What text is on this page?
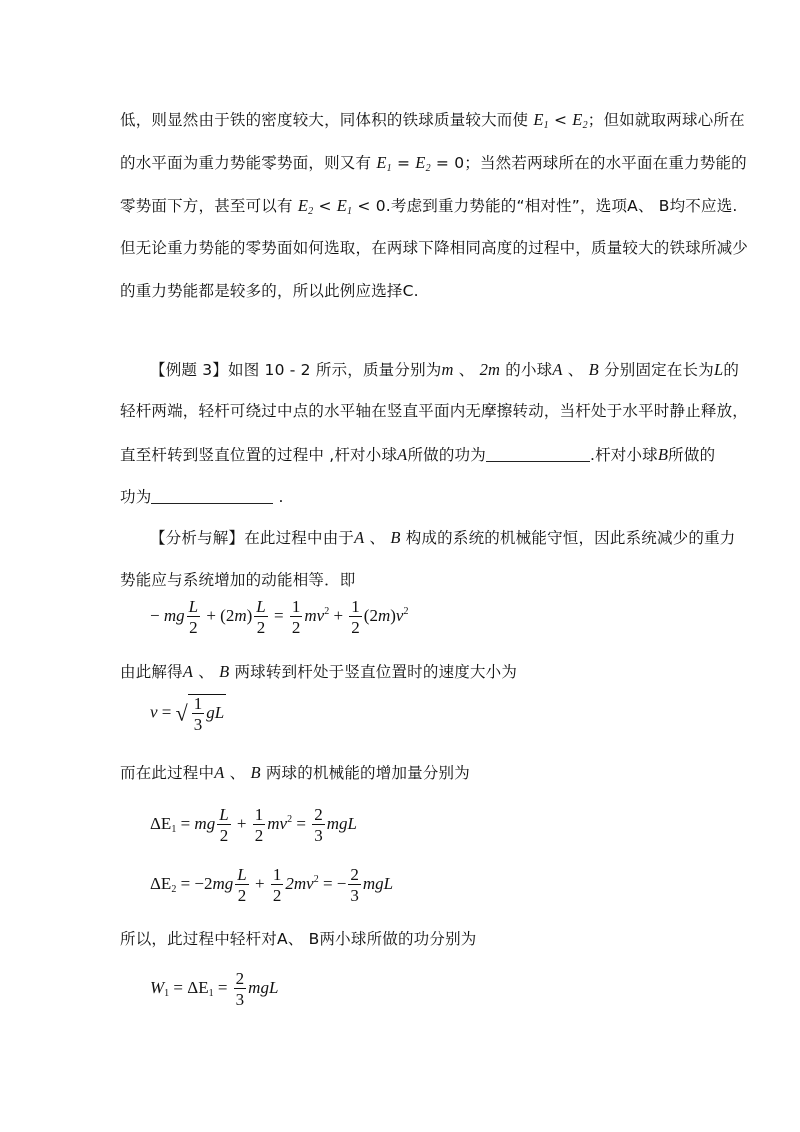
低，则显然由于铁的密度较大，同体积的铁球质量较大而使 $E_1 < E_2$；但如就取两球心所在
的水平面为重力势能零势面，则又有 $E_1 = E_2 = 0$；当然若两球所在的水平面在重力势能的
零势面下方，甚至可以有 $E_2 < E_1 < 0$.考虑到重力势能的“相对性”，选项A、 B均不应选.
但无论重力势能的零势面如何选取，在两球下降相同高度的过程中，质量较大的铁球所减少
的重力势能都是较多的，所以此例应选择C.
【例题 3】如图 10 - 2 所示，质量分别为m 、 2m 的小球A 、 B 分别固定在长为L的
轻杆两端，轻杆可绕过中点的水平轴在竖直平面内无摩擦转动，当杆处于水平时静止释放，
直至杆转到竖直位置的过程中 ,杆对小球A所做的功为	.杆对小球B所做的
功为	.
【分析与解】在此过程中由于A 、 B 构成的系统的机械能守恒，因此系统减少的重力
势能应与系统增加的动能相等．即
− mg $\frac{L}{2} + (2m) \frac{L}{2} = \frac{1}{2} mv^2 + \frac{1}{2} (2m)v^2$
由此解得A 、 B 两球转到杆处于竖直位置时的速度大小为
v = √ $\frac{1}{3}$ gL
而在此过程中A 、 B 两球的机械能的增加量分别为
$\Delta E_1$ = mg $\frac{L}{2} + \frac{1}{2} mv^2 = \frac{2}{3}$ mgL
$\Delta E_2 = -2mg \frac{L}{2} + \frac{1}{2} 2mv^2$ = − $\frac{2}{3}$ mgL
所以，此过程中轻杆对A、 B两小球所做的功分别为
$W_1 = \Delta E_1 = \frac{2}{3}$ mgL
